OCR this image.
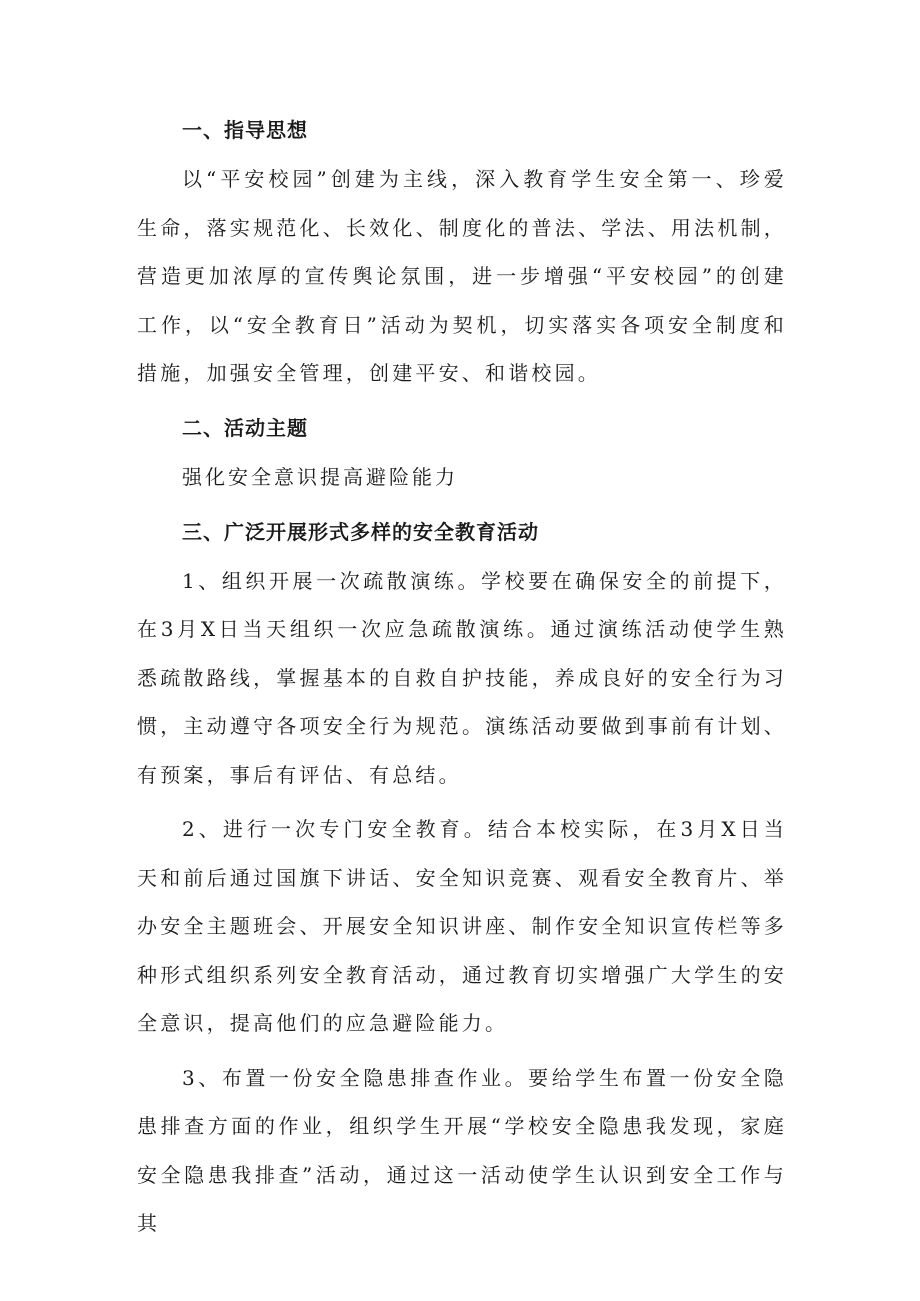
一、指导思想

以“平安校园”创建为主线，深入教育学生安全第一、珍爱生命，落实规范化、长效化、制度化的普法、学法、用法机制，营造更加浓厚的宣传舆论氛围，进一步增强“平安校园”的创建工作，以“安全教育日”活动为契机，切实落实各项安全制度和措施，加强安全管理，创建平安、和谐校园。

二、活动主题

强化安全意识提高避险能力

三、广泛开展形式多样的安全教育活动

1、组织开展一次疏散演练。学校要在确保安全的前提下，在3月X日当天组织一次应急疏散演练。通过演练活动使学生熟悉疏散路线，掌握基本的自救自护技能，养成良好的安全行为习惯，主动遵守各项安全行为规范。演练活动要做到事前有计划、有预案，事后有评估、有总结。

2、进行一次专门安全教育。结合本校实际，在3月X日当天和前后通过国旗下讲话、安全知识竞赛、观看安全教育片、举办安全主题班会、开展安全知识讲座、制作安全知识宣传栏等多种形式组织系列安全教育活动，通过教育切实增强广大学生的安全意识，提高他们的应急避险能力。

3、布置一份安全隐患排查作业。要给学生布置一份安全隐患排查方面的作业，组织学生开展“学校安全隐患我发现，家庭安全隐患我排查”活动，通过这一活动使学生认识到安全工作与其
